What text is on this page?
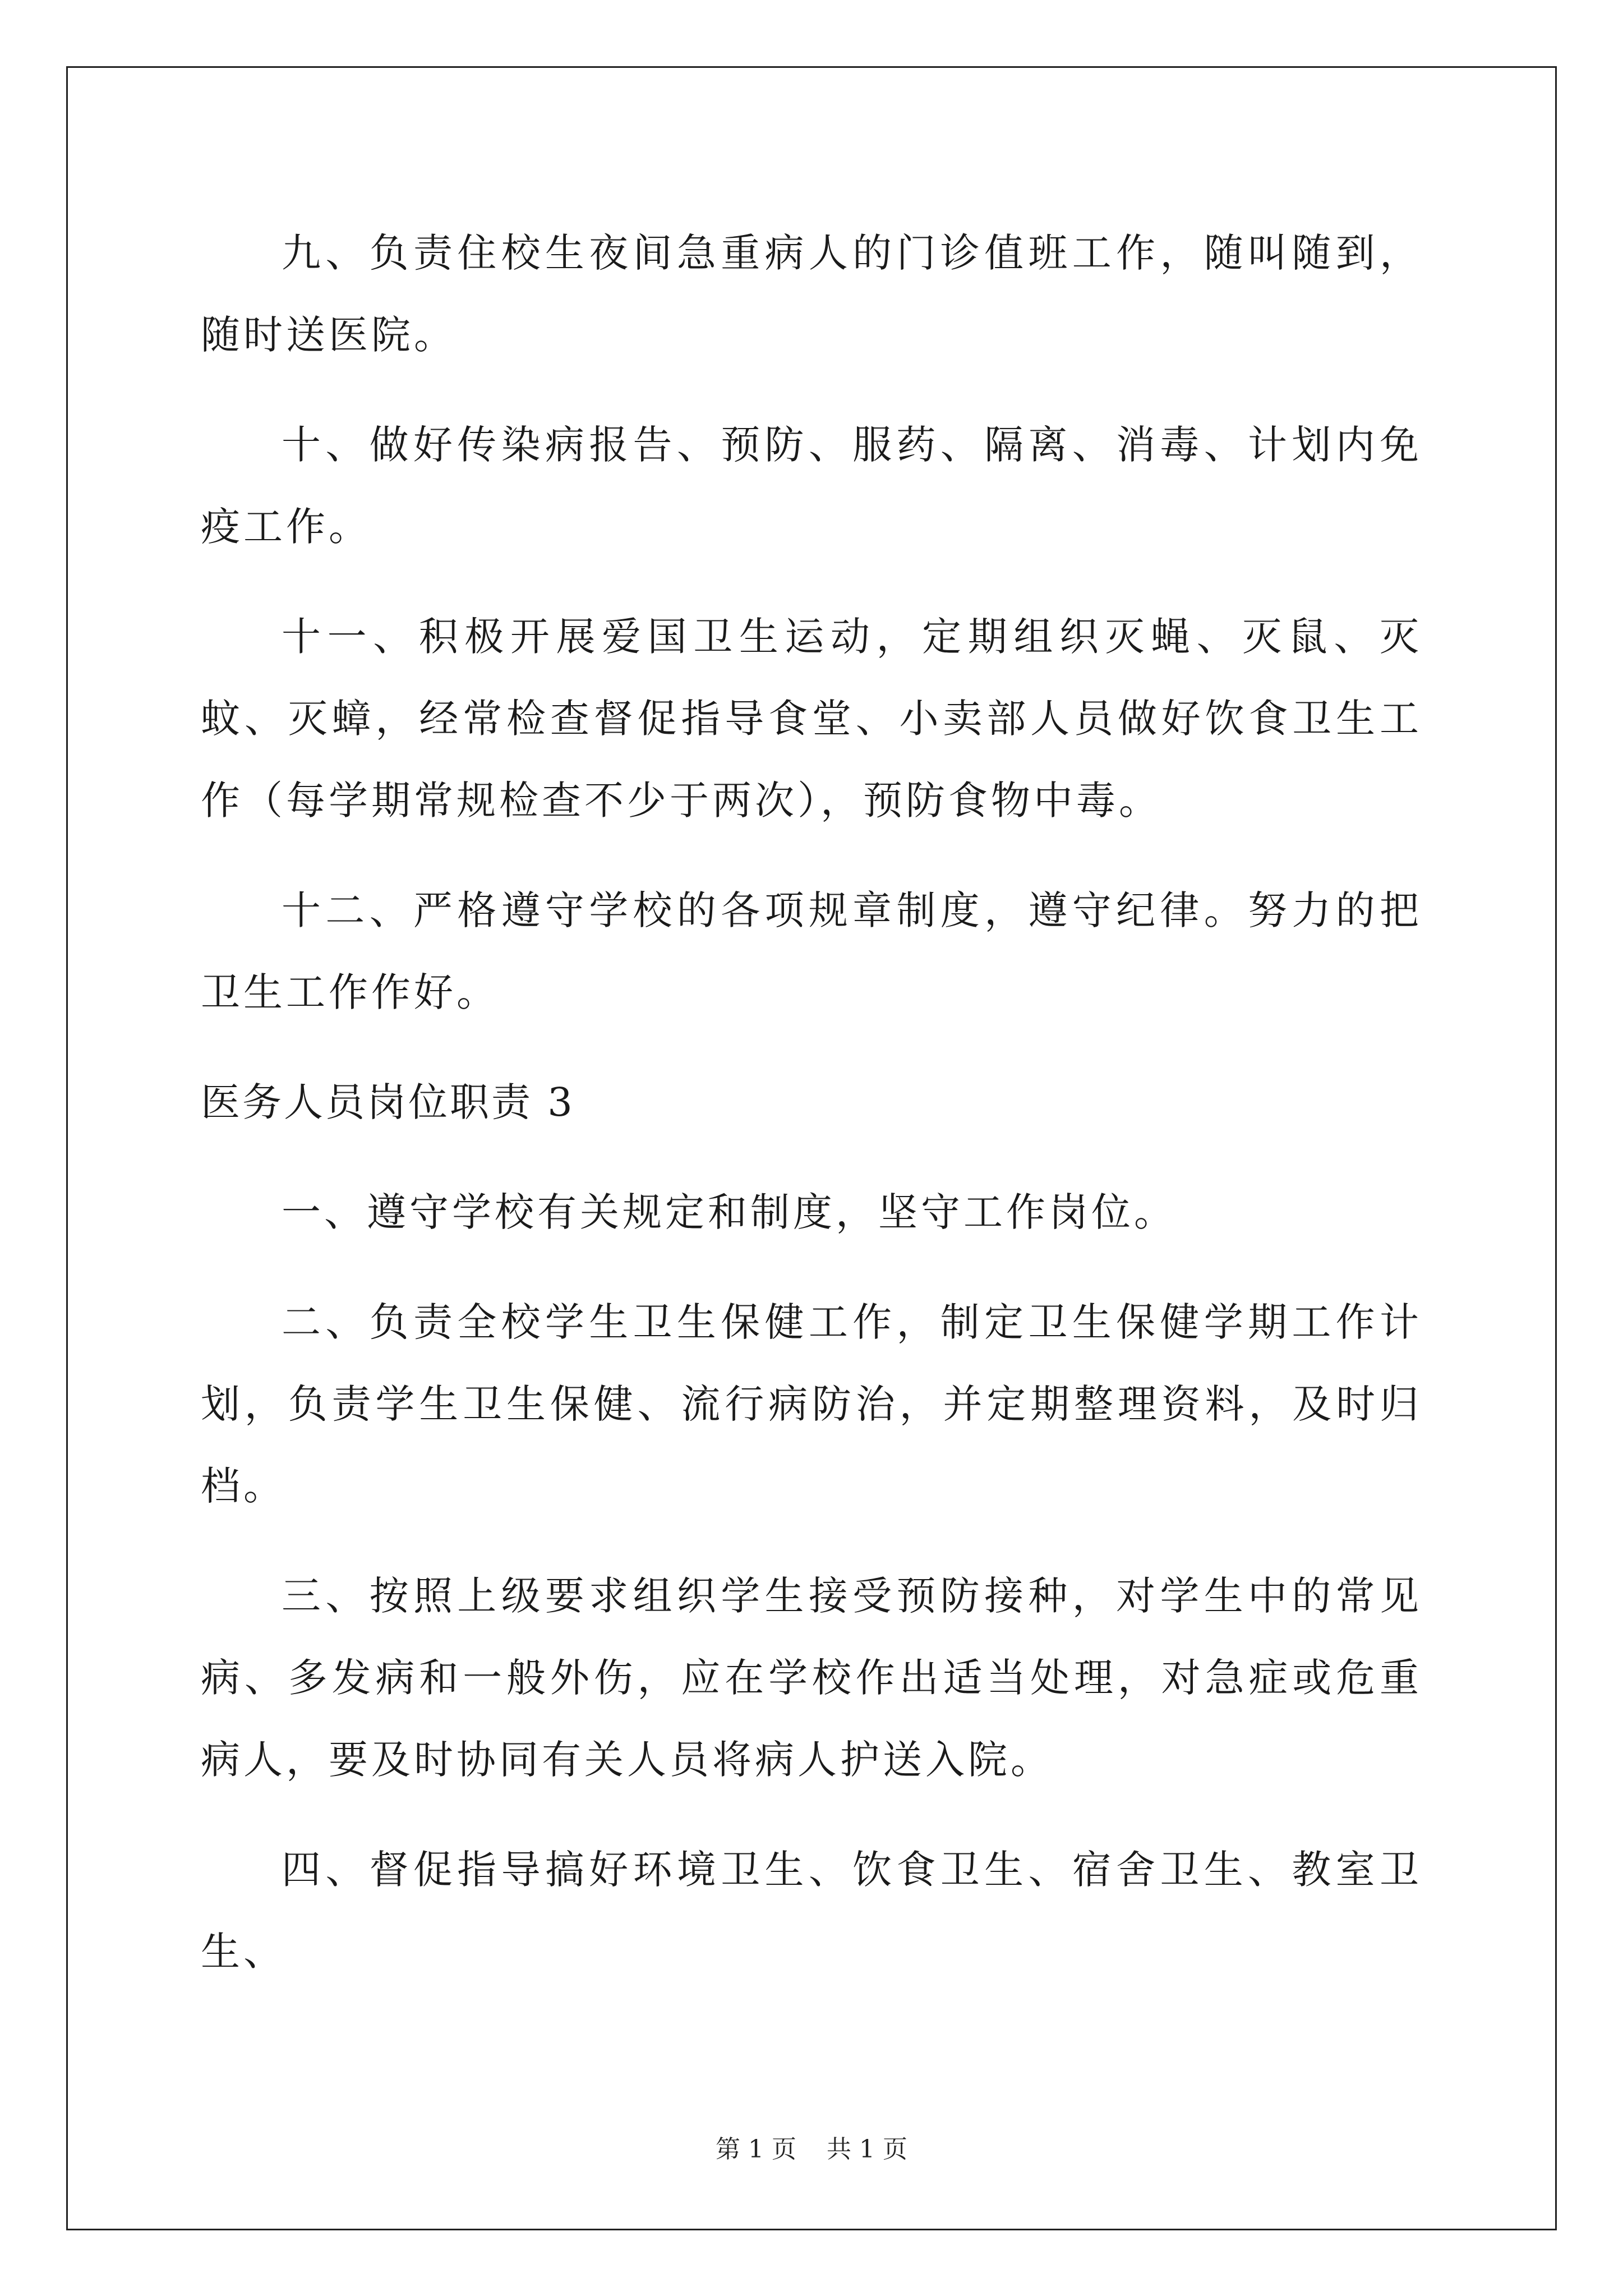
九、负责住校生夜间急重病人的门诊值班工作，随叫随到，随时送医院。

十、做好传染病报告、预防、服药、隔离、消毒、计划内免疫工作。

十一、积极开展爱国卫生运动，定期组织灭蝇、灭鼠、灭蚊、灭蟑，经常检查督促指导食堂、小卖部人员做好饮食卫生工作（每学期常规检查不少于两次），预防食物中毒。

十二、严格遵守学校的各项规章制度，遵守纪律。努力的把卫生工作作好。

医务人员岗位职责 3

一、遵守学校有关规定和制度，坚守工作岗位。

二、负责全校学生卫生保健工作，制定卫生保健学期工作计划，负责学生卫生保健、流行病防治，并定期整理资料，及时归档。

三、按照上级要求组织学生接受预防接种，对学生中的常见病、多发病和一般外伤，应在学校作出适当处理，对急症或危重病人，要及时协同有关人员将病人护送入院。

四、督促指导搞好环境卫生、饮食卫生、宿舍卫生、教室卫生、

第 1 页 共 1 页
